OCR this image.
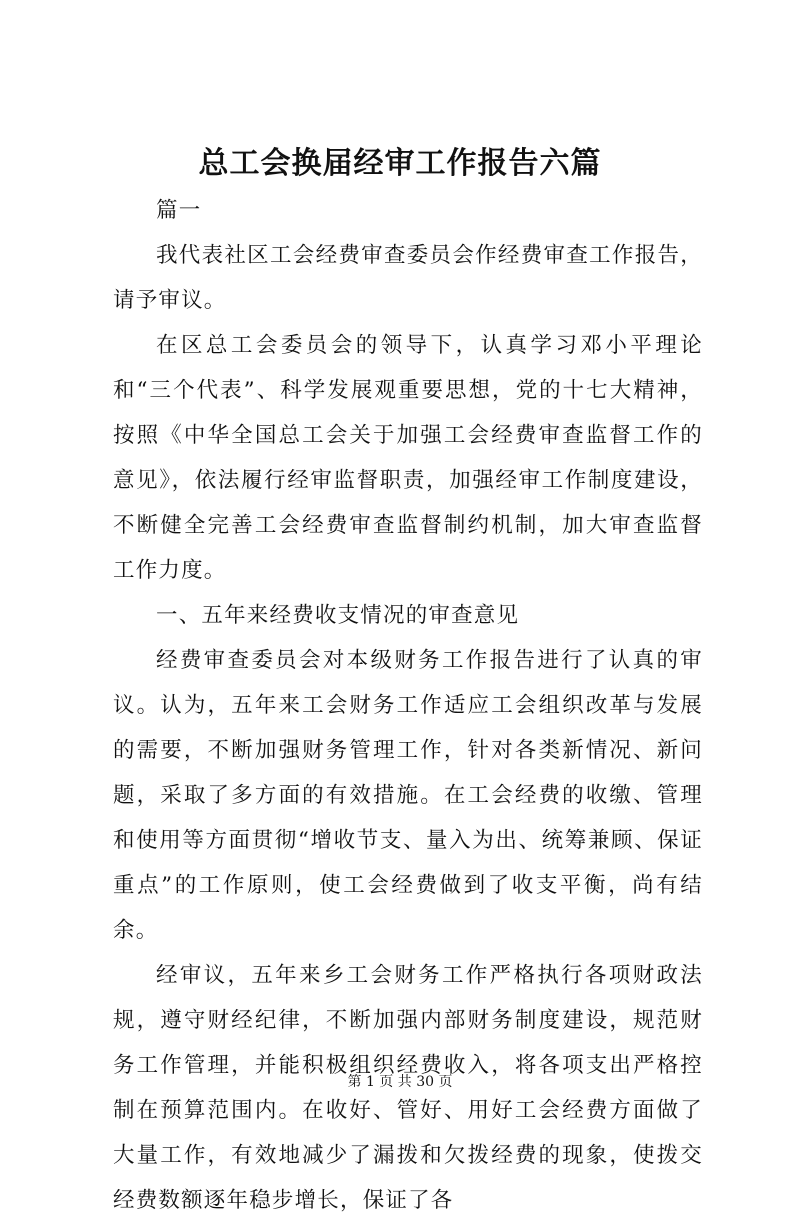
总工会换届经审工作报告六篇

篇一

我代表社区工会经费审查委员会作经费审查工作报告，请予审议。

在区总工会委员会的领导下，认真学习邓小平理论和“三个代表”、科学发展观重要思想，党的十七大精神，按照《中华全国总工会关于加强工会经费审查监督工作的意见》，依法履行经审监督职责，加强经审工作制度建设，不断健全完善工会经费审查监督制约机制，加大审查监督工作力度。

一、五年来经费收支情况的审查意见

经费审查委员会对本级财务工作报告进行了认真的审议。认为，五年来工会财务工作适应工会组织改革与发展的需要，不断加强财务管理工作，针对各类新情况、新问题，采取了多方面的有效措施。在工会经费的收缴、管理和使用等方面贯彻“增收节支、量入为出、统筹兼顾、保证重点”的工作原则，使工会经费做到了收支平衡，尚有结余。

经审议，五年来乡工会财务工作严格执行各项财政法规，遵守财经纪律，不断加强内部财务制度建设，规范财务工作管理，并能积极组织经费收入，将各项支出严格控制在预算范围内。在收好、管好、用好工会经费方面做了大量工作，有效地减少了漏拨和欠拨经费的现象，使拨交经费数额逐年稳步增长，保证了各

第 1 页 共 30 页
